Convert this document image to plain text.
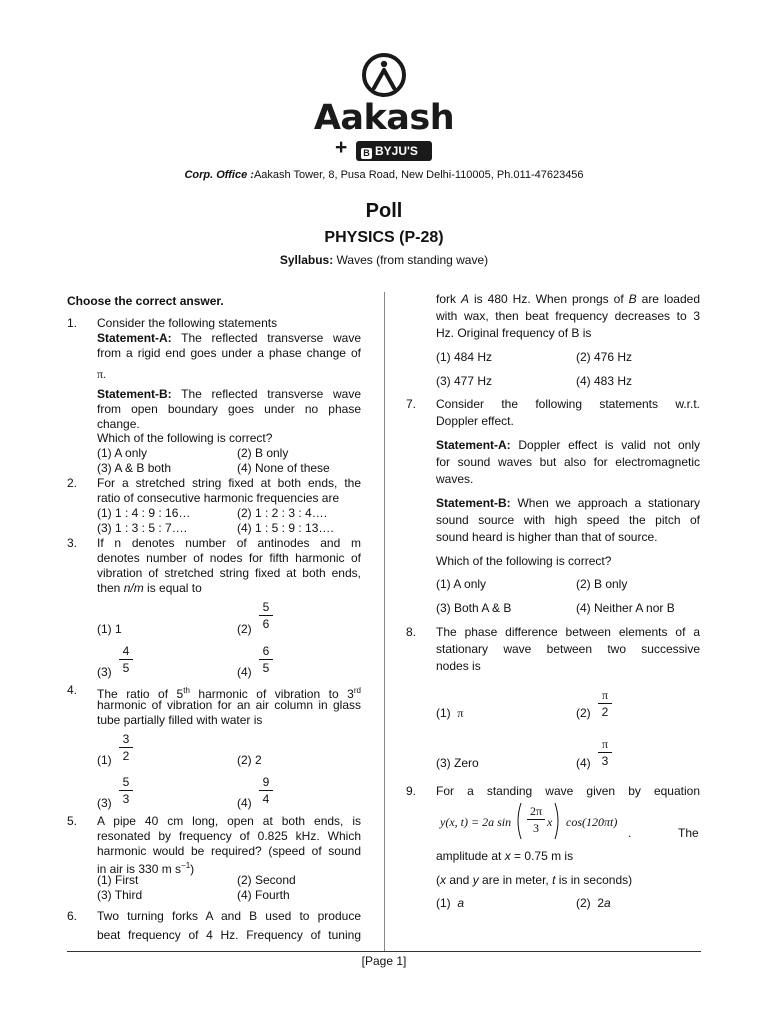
Aakash
+	B BYJU'S
Corp. Office :Aakash Tower, 8, Pusa Road, New Delhi-110005, Ph.011-47623456
Poll
PHYSICS (P-28)
Syllabus: Waves (from standing wave)
Choose the correct answer.
1. Consider the following statements
Statement-A: The reflected transverse wave
from a rigid end goes under a phase change of
π.
Statement-B: The reflected transverse wave
from open boundary goes under no phase
change.
Which of the following is correct?
(1) A only	(2) B only
(3) A & B both	(4) None of these
2. For a stretched string fixed at both ends, the
ratio of consecutive harmonic frequencies are
(1) 1 : 4 : 9 : 16…	(2) 1 : 2 : 3 : 4….
(3) 1 : 3 : 5 : 7….	(4) 1 : 5 : 9 : 13….
3. If n denotes number of antinodes and m
denotes number of nodes for fifth harmonic of
vibration of stretched string fixed at both ends,
then n/m is equal to
(1) 1	(2)
5
6
(3)
4
5	(4)
6
5
4. The ratio of 5th harmonic of vibration to 3rd
harmonic of vibration for an air column in glass
tube partially filled with water is
(1)
3
2	(2) 2
(3)
5
3	(4)
9
4
5. A pipe 40 cm long, open at both ends, is
resonated by frequency of 0.825 kHz. Which
harmonic would be required? (speed of sound
in air is 330 m $s^{-1}$)
(1) First	(2) Second
(3) Third	(4) Fourth
6. Two turning forks A and B used to produce
beat frequency of 4 Hz. Frequency of tuning
fork A is 480 Hz. When prongs of B are loaded
with wax, then beat frequency decreases to 3
Hz. Original frequency of B is
(1) 484 Hz	(2) 476 Hz
(3) 477 Hz	(4) 483 Hz
7. Consider the following statements w.r.t.
Doppler effect.
Statement-A: Doppler effect is valid not only
for sound waves but also for electromagnetic
waves.
Statement-B: When we approach a stationary
sound source with high speed the pitch of
sound heard is higher than that of source.
Which of the following is correct?
(1) A only	(2) B only
(3) Both A & B	(4) Neither A nor B
8. The phase difference between elements of a
stationary wave between two successive
nodes is
(1) π	(2)
π
2
(3) Zero	(4)
π
3
9. For a standing wave given by equation
y(x, t) = 2a sin
2π
3 x cos(120πt)
.	The
amplitude at x = 0.75 m is
(x and y are in meter, t is in seconds)
(1) a	(2) 2a
[Page 1]
